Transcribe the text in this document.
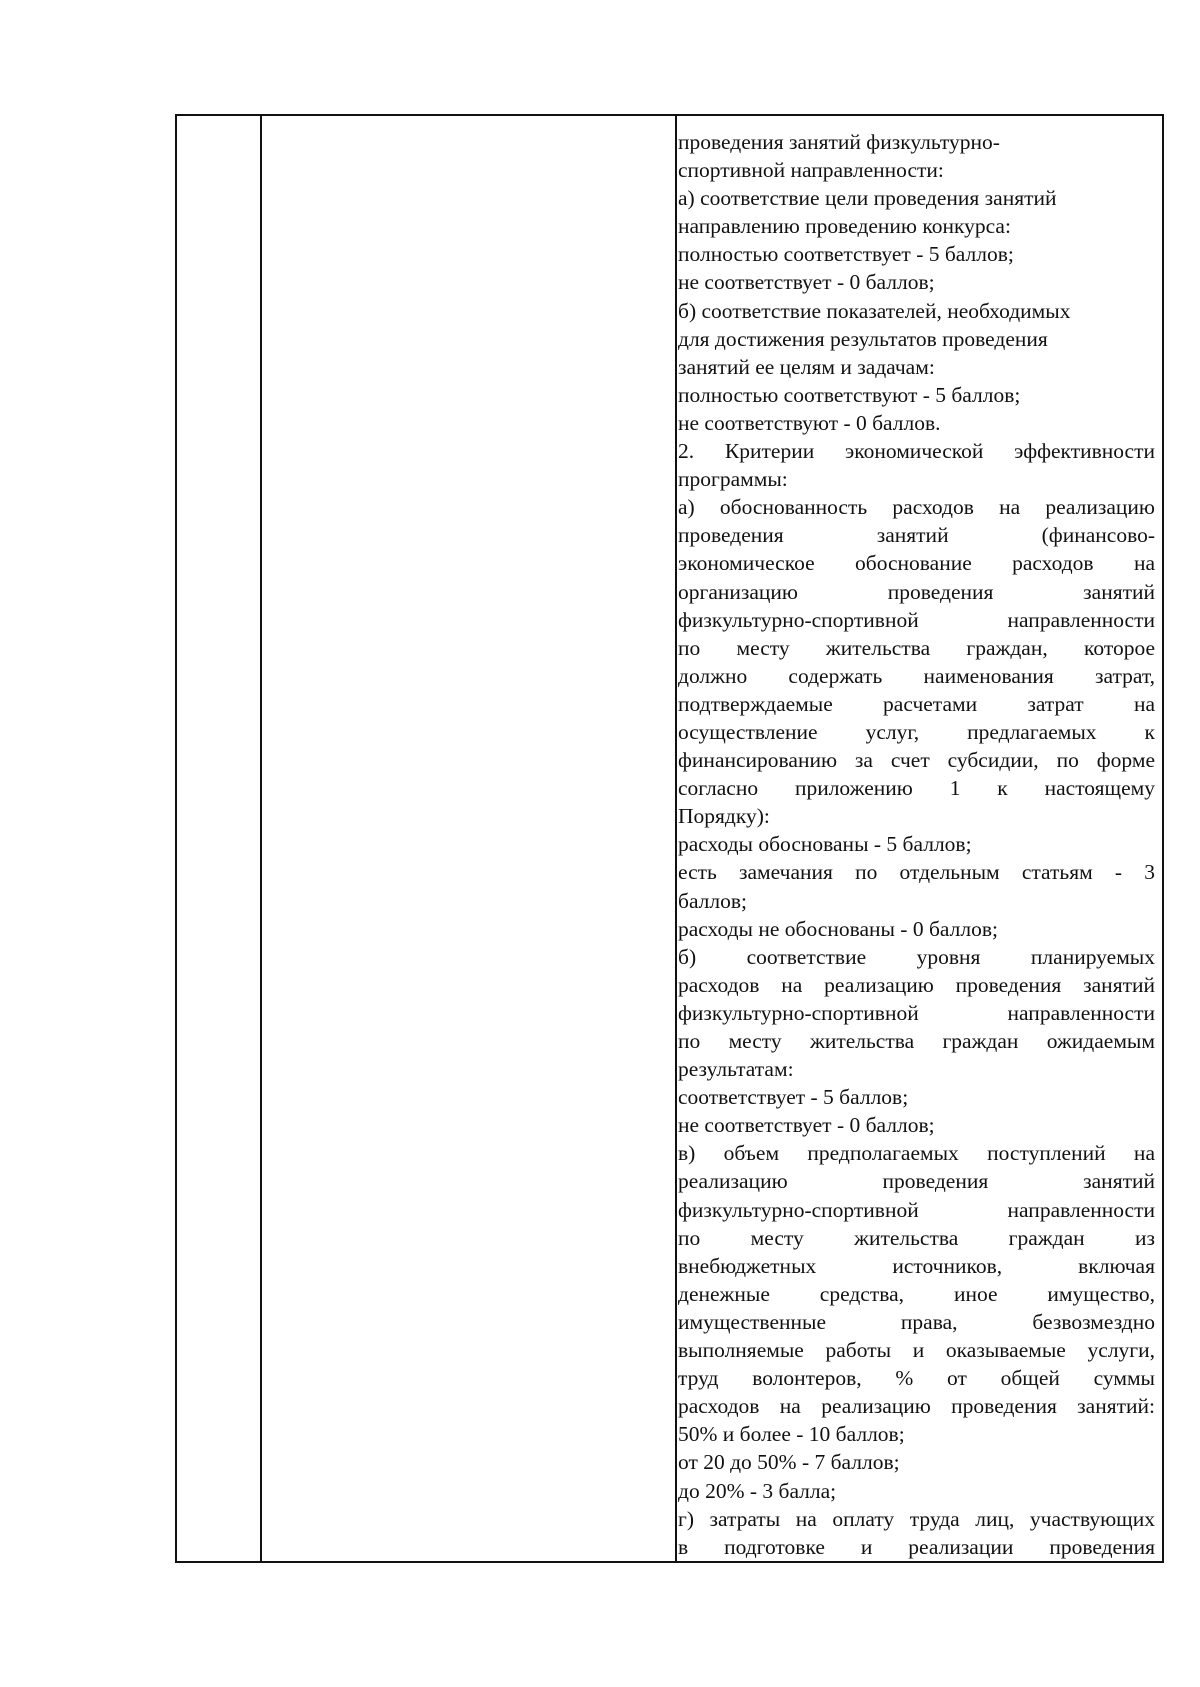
проведения занятий физкультурно-
спортивной направленности:
а) соответствие цели проведения занятий
направлению проведению конкурса:
полностью соответствует - 5 баллов;
не соответствует - 0 баллов;
б) соответствие показателей, необходимых
для достижения результатов проведения
занятий ее целям и задачам:
полностью соответствуют - 5 баллов;
не соответствуют - 0 баллов.
2. Критерии экономической эффективности
программы:
а) обоснованность расходов на реализацию
проведения занятий (финансово-
экономическое обоснование расходов на
организацию проведения занятий
физкультурно-спортивной направленности
по месту жительства граждан, которое
должно содержать наименования затрат,
подтверждаемые расчетами затрат на
осуществление услуг, предлагаемых к
финансированию за счет субсидии, по форме
согласно приложению 1 к настоящему
Порядку):
расходы обоснованы - 5 баллов;
есть замечания по отдельным статьям - 3
баллов;
расходы не обоснованы - 0 баллов;
б) соответствие уровня планируемых
расходов на реализацию проведения занятий
физкультурно-спортивной направленности
по месту жительства граждан ожидаемым
результатам:
соответствует - 5 баллов;
не соответствует - 0 баллов;
в) объем предполагаемых поступлений на
реализацию проведения занятий
физкультурно-спортивной направленности
по месту жительства граждан из
внебюджетных источников, включая
денежные средства, иное имущество,
имущественные права, безвозмездно
выполняемые работы и оказываемые услуги,
труд волонтеров, % от общей суммы
расходов на реализацию проведения занятий:
50% и более - 10 баллов;
от 20 до 50% - 7 баллов;
до 20% - 3 балла;
г) затраты на оплату труда лиц, участвующих
в подготовке и реализации проведения
